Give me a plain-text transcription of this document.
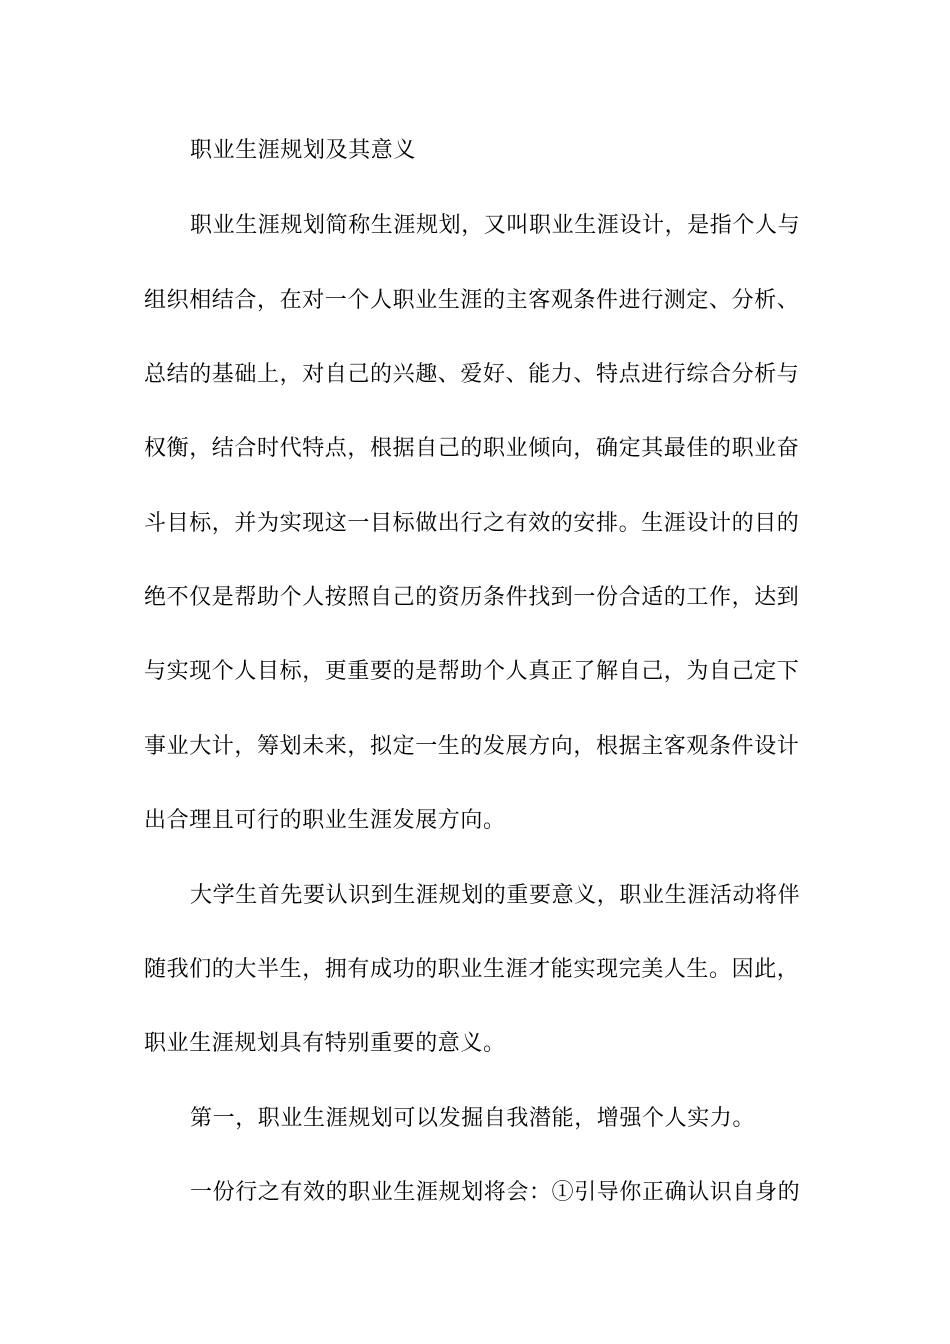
职业生涯规划及其意义
职业生涯规划简称生涯规划，又叫职业生涯设计，是指个人与
组织相结合，在对一个人职业生涯的主客观条件进行测定、分析、
总结的基础上，对自己的兴趣、爱好、能力、特点进行综合分析与
权衡，结合时代特点，根据自己的职业倾向，确定其最佳的职业奋
斗目标，并为实现这一目标做出行之有效的安排。生涯设计的目的
绝不仅是帮助个人按照自己的资历条件找到一份合适的工作，达到
与实现个人目标，更重要的是帮助个人真正了解自己，为自己定下
事业大计，筹划未来，拟定一生的发展方向，根据主客观条件设计
出合理且可行的职业生涯发展方向。
大学生首先要认识到生涯规划的重要意义，职业生涯活动将伴
随我们的大半生，拥有成功的职业生涯才能实现完美人生。因此，
职业生涯规划具有特别重要的意义。
第一，职业生涯规划可以发掘自我潜能，增强个人实力。
一份行之有效的职业生涯规划将会：①引导你正确认识自身的
